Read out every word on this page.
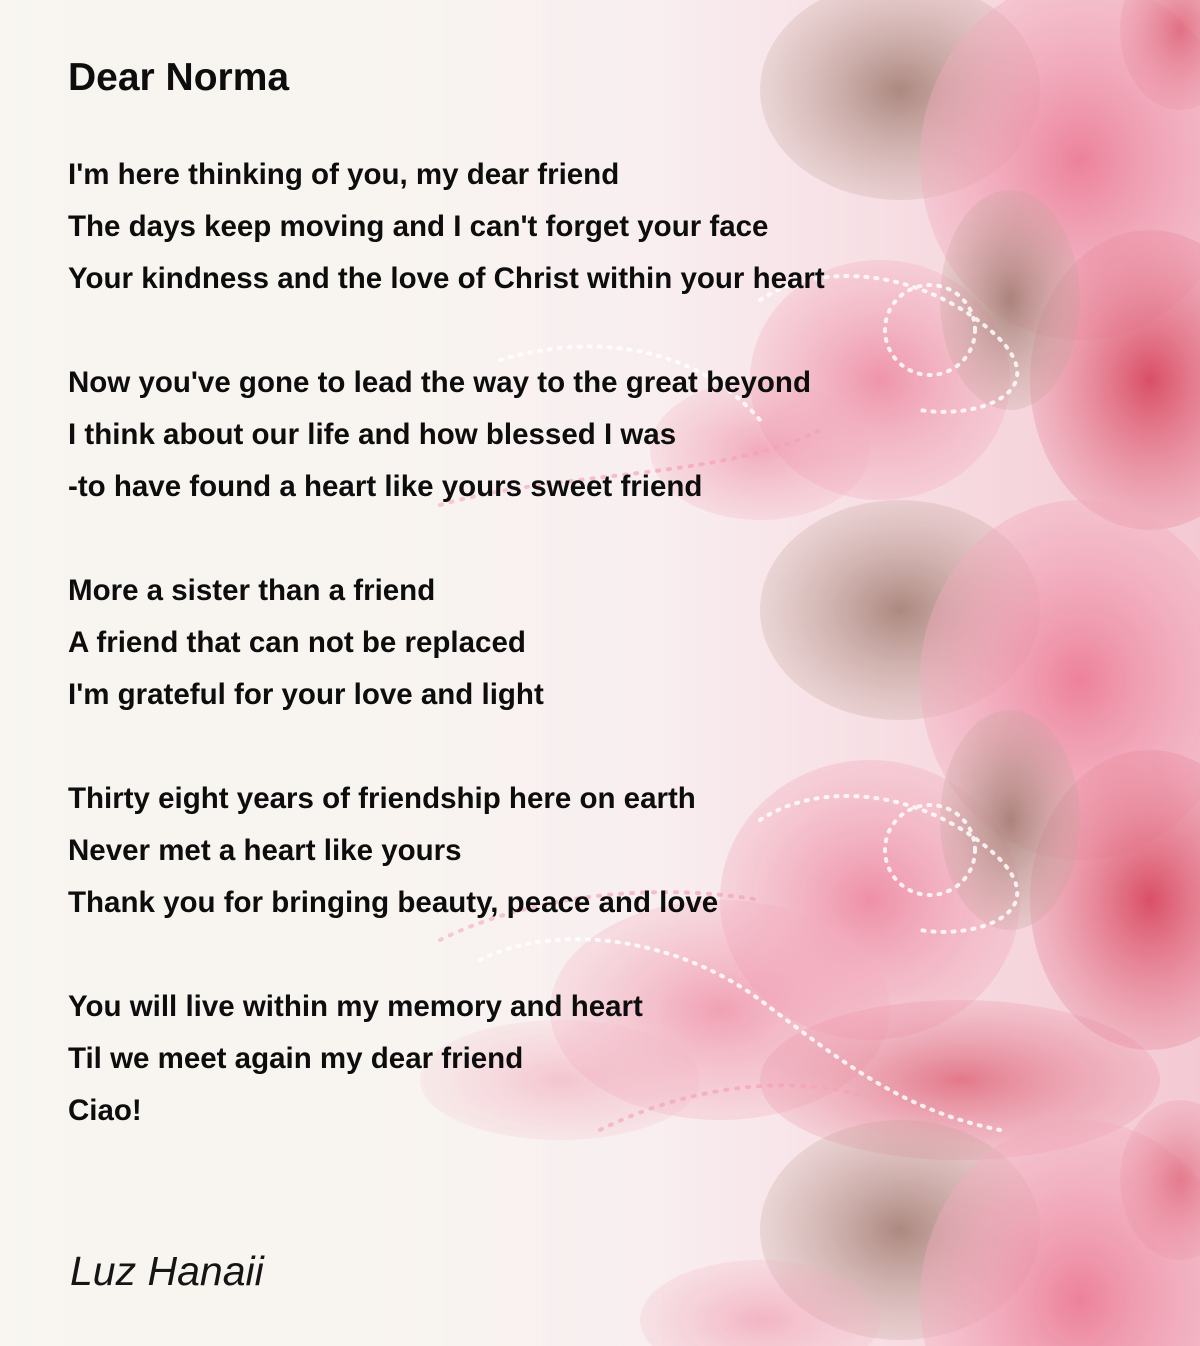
Dear Norma
I'm here thinking of you, my dear friend
The days keep moving and I can't forget your face
Your kindness and the love of Christ within your heart
Now you've gone to lead the way to the great beyond
I think about our life and how blessed I was
-to have found a heart like yours sweet friend
More a sister than a friend
A friend that can not be replaced
I'm grateful for your love and light
Thirty eight years of friendship here on earth
Never met a heart like yours
Thank you for bringing beauty, peace and love
You will live within my memory and heart
Til we meet again my dear friend
Ciao!
Luz Hanaii
